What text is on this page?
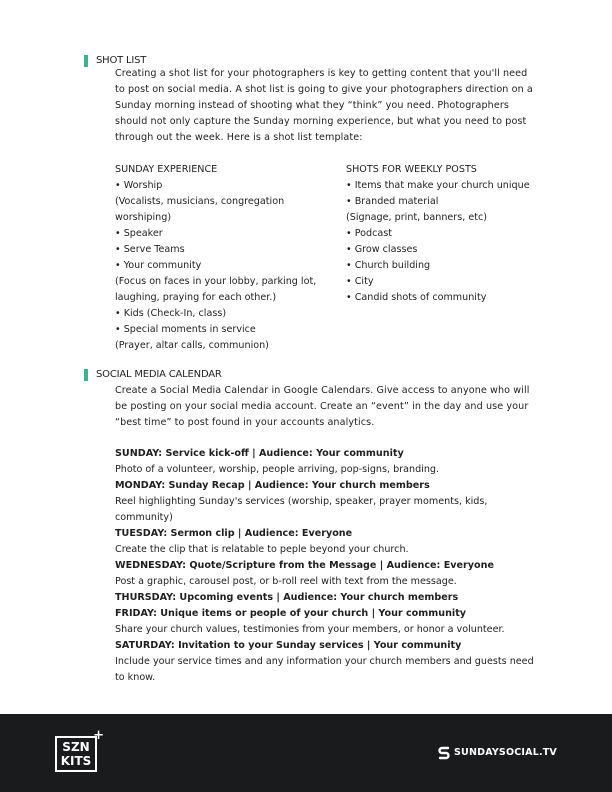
SHOT LIST

Creating a shot list for your photographers is key to getting content that you'll need to post on social media. A shot list is going to give your photographers direction on a Sunday morning instead of shooting what they “think” you need. Photographers should not only capture the Sunday morning experience, but what you need to post through out the week. Here is a shot list template:

SUNDAY EXPERIENCE
• Worship
(Vocalists, musicians, congregation
worshiping)
• Speaker
• Serve Teams
• Your community
(Focus on faces in your lobby, parking lot,
laughing, praying for each other.)
• Kids (Check-In, class)
• Special moments in service
(Prayer, altar calls, communion)
SHOTS FOR WEEKLY POSTS
• Items that make your church unique
• Branded material
(Signage, print, banners, etc)
• Podcast
• Grow classes
• Church building
• City
• Candid shots of community
SOCIAL MEDIA CALENDAR

Create a Social Media Calendar in Google Calendars. Give access to anyone who will be posting on your social media account. Create an “event” in the day and use your “best time” to post found in your accounts analytics.

SUNDAY: Service kick-off | Audience: Your community
Photo of a volunteer, worship, people arriving, pop-signs, branding.
MONDAY: Sunday Recap | Audience: Your church members
Reel highlighting Sunday's services (worship, speaker, prayer moments, kids, community)
TUESDAY: Sermon clip | Audience: Everyone
Create the clip that is relatable to peple beyond your church.
WEDNESDAY: Quote/Scripture from the Message | Audience: Everyone
Post a graphic, carousel post, or b-roll reel with text from the message.
THURSDAY: Upcoming events | Audience: Your church members
FRIDAY: Unique items or people of your church | Your community
Share your church values, testimonies from your members, or honor a volunteer.
SATURDAY: Invitation to your Sunday services | Your community
Include your service times and any information your church members and guests need to know.
SZN
KITS
+
SUNDAYSOCIAL.TV
